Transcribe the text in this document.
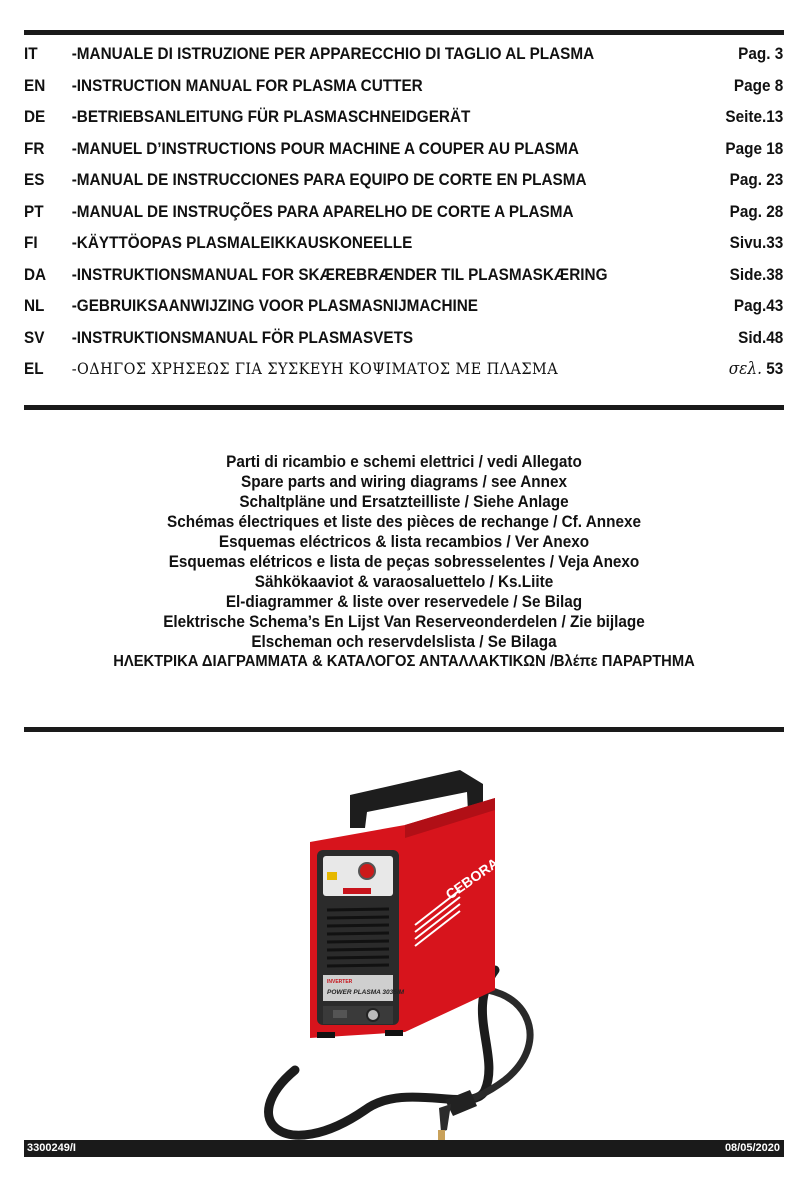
IT -MANUALE DI ISTRUZIONE PER APPARECCHIO DI TAGLIO AL PLASMA	Pag. 3
EN -INSTRUCTION MANUAL FOR PLASMA CUTTER	Page 8
DE -BETRIEBSANLEITUNG FÜR PLASMASCHNEIDGERÄT	Seite.13
FR -MANUEL D’INSTRUCTIONS POUR MACHINE A COUPER AU PLASMA	Page 18
ES -MANUAL DE INSTRUCCIONES PARA EQUIPO DE CORTE EN PLASMA	Pag. 23
PT -MANUAL DE INSTRUÇÕES PARA APARELHO DE CORTE A PLASMA	Pag. 28
FI -KÄYTTÖOPAS PLASMALEIKKAUSKONEELLE	Sivu.33
DA -INSTRUKTIONSMANUAL FOR SKÆREBRÆNDER TIL PLASMASKÆRING	Side.38
NL -GEBRUIKSAANWIJZING VOOR PLASMASNIJMACHINE	Pag.43
SV -INSTRUKTIONSMANUAL FÖR PLASMASVETS	Sid.48
EL -ΟΔΗΓΟΣ ΧΡΗΣΕΩΣ ΓΙΑ ΣΥΣΚΕΥΗ ΚΟΨΙΜΑΤΟΣ ΜΕ ΠΛΑΣΜΑ	σελ. 53
Parti di ricambio e schemi elettrici / vedi Allegato
Spare parts and wiring diagrams / see Annex
Schaltpläne und Ersatzteilliste / Siehe Anlage
Schémas électriques et liste des pièces de rechange / Cf. Annexe
Esquemas eléctricos & lista recambios / Ver Anexo
Esquemas elétricos e lista de peças sobresselentes / Veja Anexo
Sähkökaaviot & varaosaluettelo / Ks.Liite
El-diagrammer & liste over reservedele / Se Bilag
Elektrische Schema’s En Lijst Van Reserveonderdelen / Zie bijlage
Elscheman och reservdelslista / Se Bilaga
ΗΛΕΚΤΡΙΚΑ ΔΙΑΓΡΑΜΜΑΤΑ & ΚΑΤΑΛΟΓΟΣ ΑΝΤΑΛΛΑΚΤΙΚΩΝ /Βλέπε ΠΑΡΑΡΤΗΜΑ
CEBORA
INVERTER
POWER PLASMA 3035/M
3300249/I	08/05/2020
